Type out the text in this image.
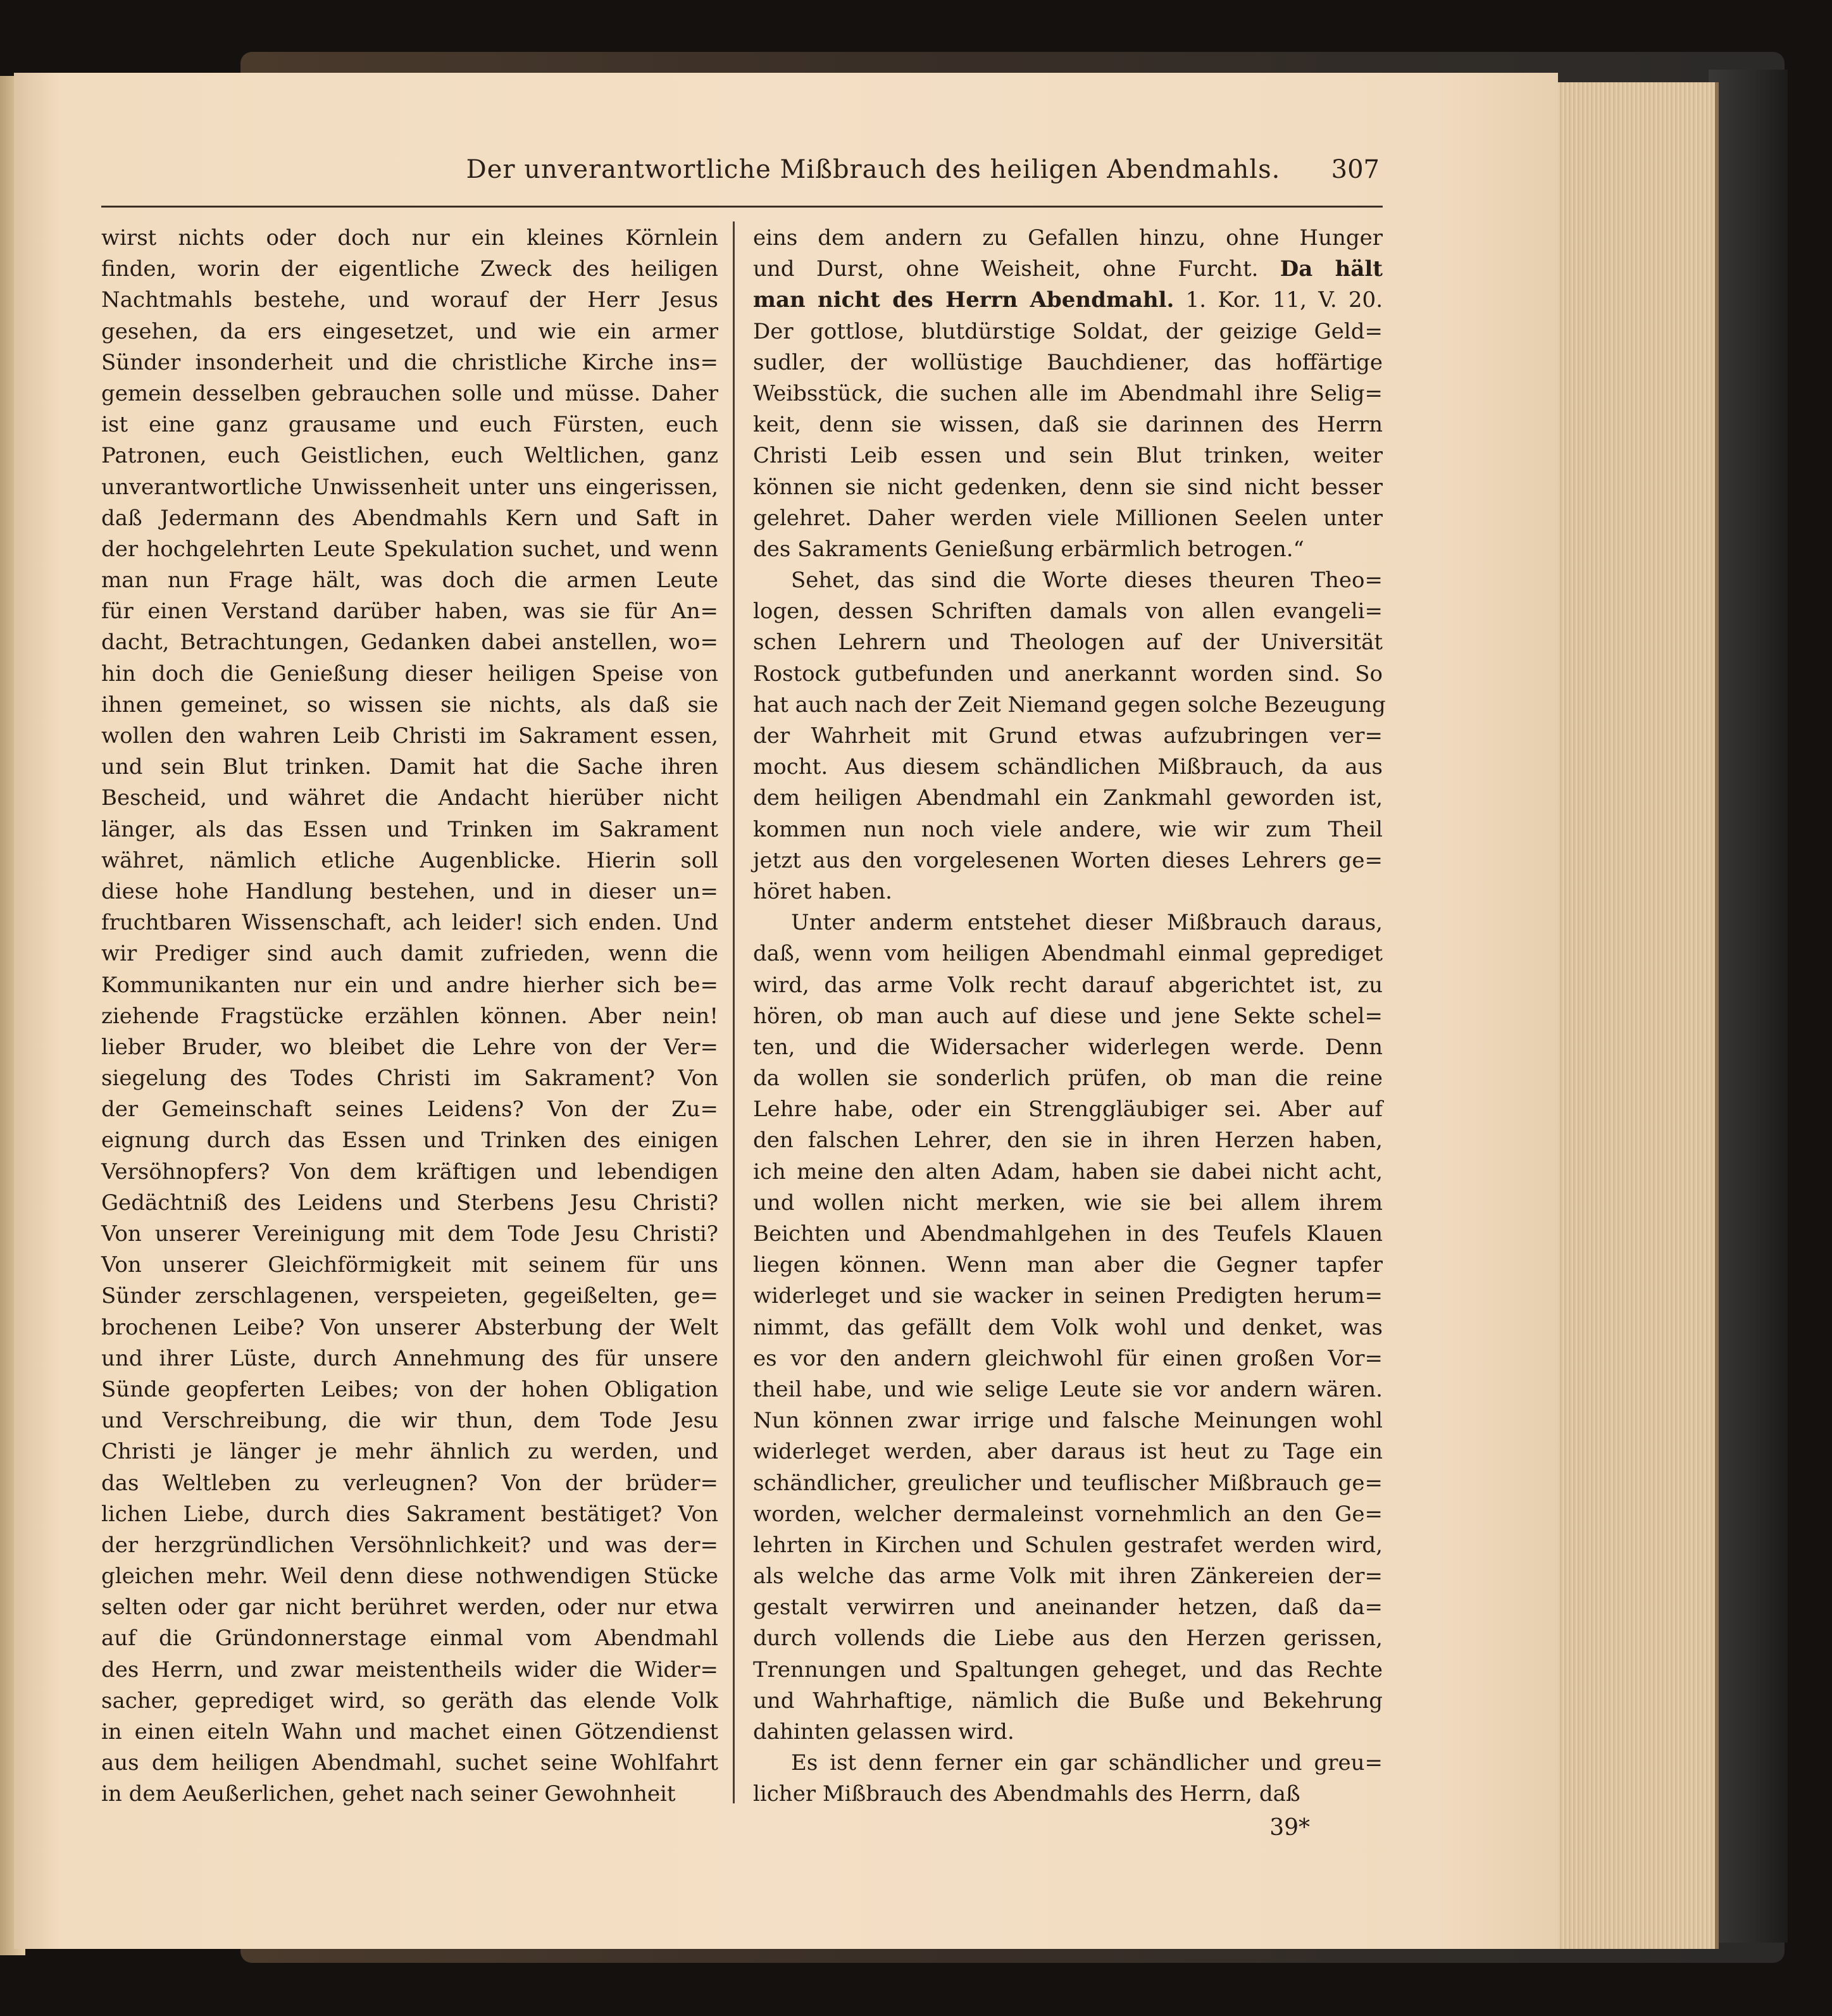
Der unverantwortliche Mißbrauch des heiligen Abendmahls.	307
wirst nichts oder doch nur ein kleines Körnlein
finden, worin der eigentliche Zweck des heiligen
Nachtmahls bestehe, und worauf der Herr Jesus
gesehen, da ers eingesetzet, und wie ein armer
Sünder insonderheit und die christliche Kirche ins=
gemein desselben gebrauchen solle und müsse. Daher
ist eine ganz grausame und euch Fürsten, euch
Patronen, euch Geistlichen, euch Weltlichen, ganz
unverantwortliche Unwissenheit unter uns eingerissen,
daß Jedermann des Abendmahls Kern und Saft in
der hochgelehrten Leute Spekulation suchet, und wenn
man nun Frage hält, was doch die armen Leute
für einen Verstand darüber haben, was sie für An=
dacht, Betrachtungen, Gedanken dabei anstellen, wo=
hin doch die Genießung dieser heiligen Speise von
ihnen gemeinet, so wissen sie nichts, als daß sie
wollen den wahren Leib Christi im Sakrament essen,
und sein Blut trinken. Damit hat die Sache ihren
Bescheid, und währet die Andacht hierüber nicht
länger, als das Essen und Trinken im Sakrament
währet, nämlich etliche Augenblicke. Hierin soll
diese hohe Handlung bestehen, und in dieser un=
fruchtbaren Wissenschaft, ach leider! sich enden. Und
wir Prediger sind auch damit zufrieden, wenn die
Kommunikanten nur ein und andre hierher sich be=
ziehende Fragstücke erzählen können. Aber nein!
lieber Bruder, wo bleibet die Lehre von der Ver=
siegelung des Todes Christi im Sakrament? Von
der Gemeinschaft seines Leidens? Von der Zu=
eignung durch das Essen und Trinken des einigen
Versöhnopfers? Von dem kräftigen und lebendigen
Gedächtniß des Leidens und Sterbens Jesu Christi?
Von unserer Vereinigung mit dem Tode Jesu Christi?
Von unserer Gleichförmigkeit mit seinem für uns
Sünder zerschlagenen, verspeieten, gegeißelten, ge=
brochenen Leibe? Von unserer Absterbung der Welt
und ihrer Lüste, durch Annehmung des für unsere
Sünde geopferten Leibes; von der hohen Obligation
und Verschreibung, die wir thun, dem Tode Jesu
Christi je länger je mehr ähnlich zu werden, und
das Weltleben zu verleugnen? Von der brüder=
lichen Liebe, durch dies Sakrament bestätiget? Von
der herzgründlichen Versöhnlichkeit? und was der=
gleichen mehr. Weil denn diese nothwendigen Stücke
selten oder gar nicht berühret werden, oder nur etwa
auf die Gründonnerstage einmal vom Abendmahl
des Herrn, und zwar meistentheils wider die Wider=
sacher, geprediget wird, so geräth das elende Volk
in einen eiteln Wahn und machet einen Götzendienst
aus dem heiligen Abendmahl, suchet seine Wohlfahrt
in dem Aeußerlichen, gehet nach seiner Gewohnheit
eins dem andern zu Gefallen hinzu, ohne Hunger
und Durst, ohne Weisheit, ohne Furcht. Da hält
man nicht des Herrn Abendmahl. 1. Kor. 11, V. 20.
Der gottlose, blutdürstige Soldat, der geizige Geld=
sudler, der wollüstige Bauchdiener, das hoffärtige
Weibsstück, die suchen alle im Abendmahl ihre Selig=
keit, denn sie wissen, daß sie darinnen des Herrn
Christi Leib essen und sein Blut trinken, weiter
können sie nicht gedenken, denn sie sind nicht besser
gelehret. Daher werden viele Millionen Seelen unter
des Sakraments Genießung erbärmlich betrogen.“
Sehet, das sind die Worte dieses theuren Theo=
logen, dessen Schriften damals von allen evangeli=
schen Lehrern und Theologen auf der Universität
Rostock gutbefunden und anerkannt worden sind. So
hat auch nach der Zeit Niemand gegen solche Bezeugung
der Wahrheit mit Grund etwas aufzubringen ver=
mocht. Aus diesem schändlichen Mißbrauch, da aus
dem heiligen Abendmahl ein Zankmahl geworden ist,
kommen nun noch viele andere, wie wir zum Theil
jetzt aus den vorgelesenen Worten dieses Lehrers ge=
höret haben.
Unter anderm entstehet dieser Mißbrauch daraus,
daß, wenn vom heiligen Abendmahl einmal geprediget
wird, das arme Volk recht darauf abgerichtet ist, zu
hören, ob man auch auf diese und jene Sekte schel=
ten, und die Widersacher widerlegen werde. Denn
da wollen sie sonderlich prüfen, ob man die reine
Lehre habe, oder ein Strenggläubiger sei. Aber auf
den falschen Lehrer, den sie in ihren Herzen haben,
ich meine den alten Adam, haben sie dabei nicht acht,
und wollen nicht merken, wie sie bei allem ihrem
Beichten und Abendmahlgehen in des Teufels Klauen
liegen können. Wenn man aber die Gegner tapfer
widerleget und sie wacker in seinen Predigten herum=
nimmt, das gefällt dem Volk wohl und denket, was
es vor den andern gleichwohl für einen großen Vor=
theil habe, und wie selige Leute sie vor andern wären.
Nun können zwar irrige und falsche Meinungen wohl
widerleget werden, aber daraus ist heut zu Tage ein
schändlicher, greulicher und teuflischer Mißbrauch ge=
worden, welcher dermaleinst vornehmlich an den Ge=
lehrten in Kirchen und Schulen gestrafet werden wird,
als welche das arme Volk mit ihren Zänkereien der=
gestalt verwirren und aneinander hetzen, daß da=
durch vollends die Liebe aus den Herzen gerissen,
Trennungen und Spaltungen geheget, und das Rechte
und Wahrhaftige, nämlich die Buße und Bekehrung
dahinten gelassen wird.
Es ist denn ferner ein gar schändlicher und greu=
licher Mißbrauch des Abendmahls des Herrn, daß
39*
